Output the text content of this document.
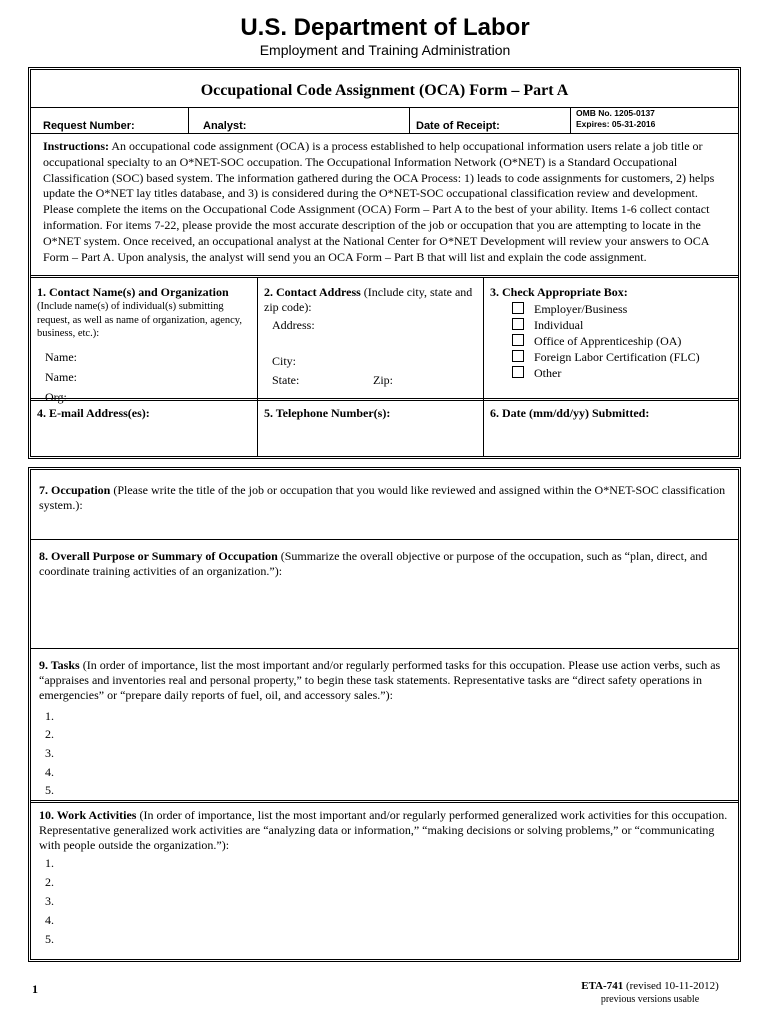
U.S. Department of Labor
Employment and Training Administration
Occupational Code Assignment (OCA) Form – Part A
Request Number:	Analyst:	Date of Receipt:
OMB No. 1205-0137
Expires: 05-31-2016
Instructions: An occupational code assignment (OCA) is a process established to help occupational information users relate a job title or occupational specialty to an O*NET-SOC occupation. The Occupational Information Network (O*NET) is a Standard Occupational Classification (SOC) based system. The information gathered during the OCA Process: 1) leads to code assignments for customers, 2) helps update the O*NET lay titles database, and 3) is considered during the O*NET-SOC occupational classification review and development. Please complete the items on the Occupational Code Assignment (OCA) Form – Part A to the best of your ability. Items 1-6 collect contact information. For items 7-22, please provide the most accurate description of the job or occupation that you are attempting to locate in the O*NET system. Once received, an occupational analyst at the National Center for O*NET Development will review your answers to OCA Form – Part A. Upon analysis, the analyst will send you an OCA Form – Part B that will list and explain the code assignment.
1. Contact Name(s) and Organization
(Include name(s) of individual(s) submitting request, as well as name of organization, agency, business, etc.):
Name:
Name:
Org:
2. Contact Address (Include city, state and zip code):
Address:
City:
State:	Zip:
3. Check Appropriate Box:
Employer/Business
Individual
Office of Apprenticeship (OA)
Foreign Labor Certification (FLC)
Other
4. E-mail Address(es):	5. Telephone Number(s):	6. Date (mm/dd/yy) Submitted:
7. Occupation (Please write the title of the job or occupation that you would like reviewed and assigned within the O*NET-SOC classification system.):
8. Overall Purpose or Summary of Occupation (Summarize the overall objective or purpose of the occupation, such as “plan, direct, and coordinate training activities of an organization.”):
9. Tasks (In order of importance, list the most important and/or regularly performed tasks for this occupation. Please use action verbs, such as “appraises and inventories real and personal property,” to begin these task statements. Representative tasks are “direct safety operations in emergencies” or “prepare daily reports of fuel, oil, and accessory sales.”):
1.
2.
3.
4.
5.
10. Work Activities (In order of importance, list the most important and/or regularly performed generalized work activities for this occupation. Representative generalized work activities are “analyzing data or information,” “making decisions or solving problems,” or “communicating with people outside the organization.”):
1.
2.
3.
4.
5.
1	ETA-741 (revised 10-11-2012)
previous versions usable
